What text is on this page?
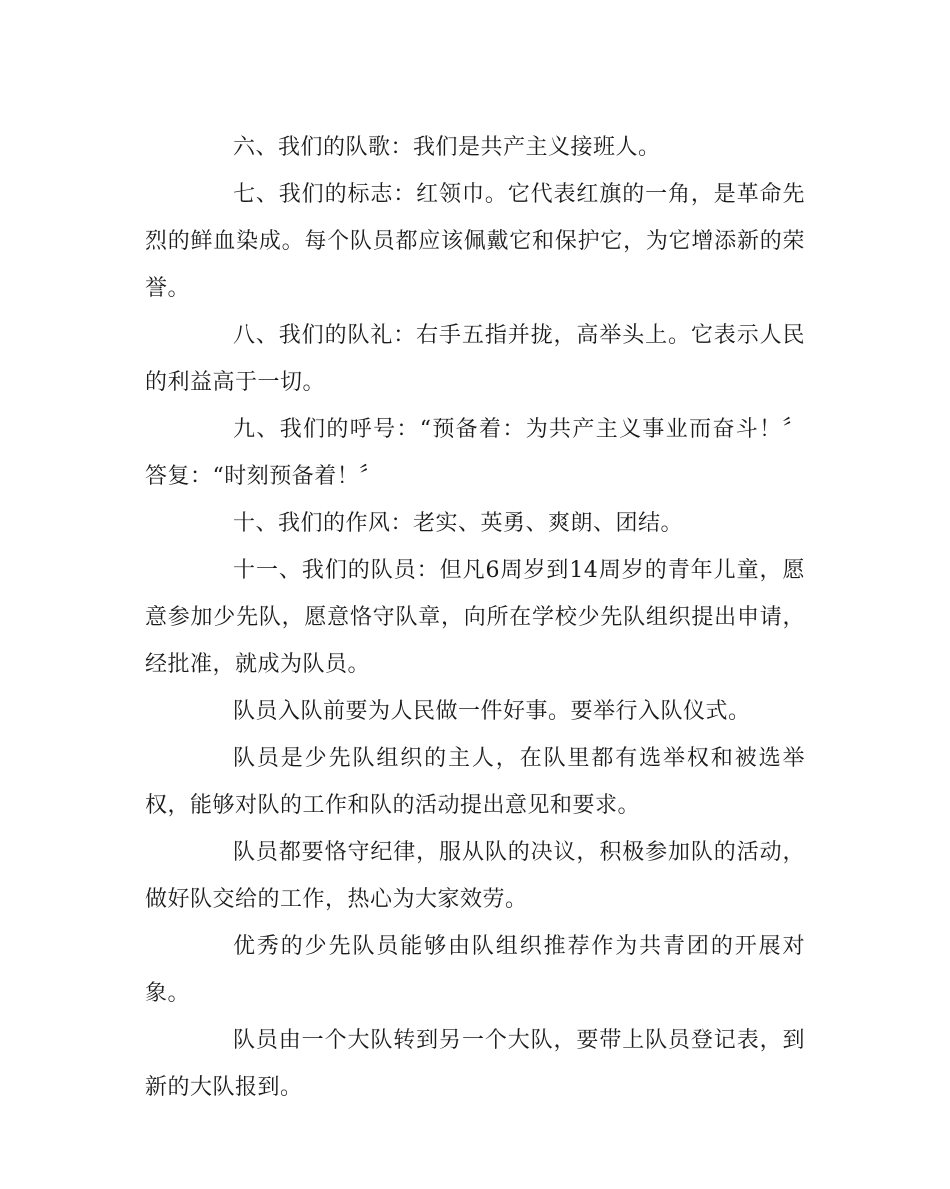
六、我们的队歌：我们是共产主义接班人。

七、我们的标志：红领巾。它代表红旗的一角，是革命先烈的鲜血染成。每个队员都应该佩戴它和保护它，为它增添新的荣誉。

八、我们的队礼：右手五指并拢，高举头上。它表示人民的利益高于一切。

九、我们的呼号：“预备着：为共产主义事业而奋斗！〞答复：“时刻预备着！〞

十、我们的作风：老实、英勇、爽朗、团结。

十一、我们的队员：但凡6周岁到14周岁的青年儿童，愿意参加少先队，愿意恪守队章，向所在学校少先队组织提出申请，经批准，就成为队员。

队员入队前要为人民做一件好事。要举行入队仪式。

队员是少先队组织的主人，在队里都有选举权和被选举权，能够对队的工作和队的活动提出意见和要求。

队员都要恪守纪律，服从队的决议，积极参加队的活动，做好队交给的工作，热心为大家效劳。

优秀的少先队员能够由队组织推荐作为共青团的开展对象。

队员由一个大队转到另一个大队，要带上队员登记表，到新的大队报到。
